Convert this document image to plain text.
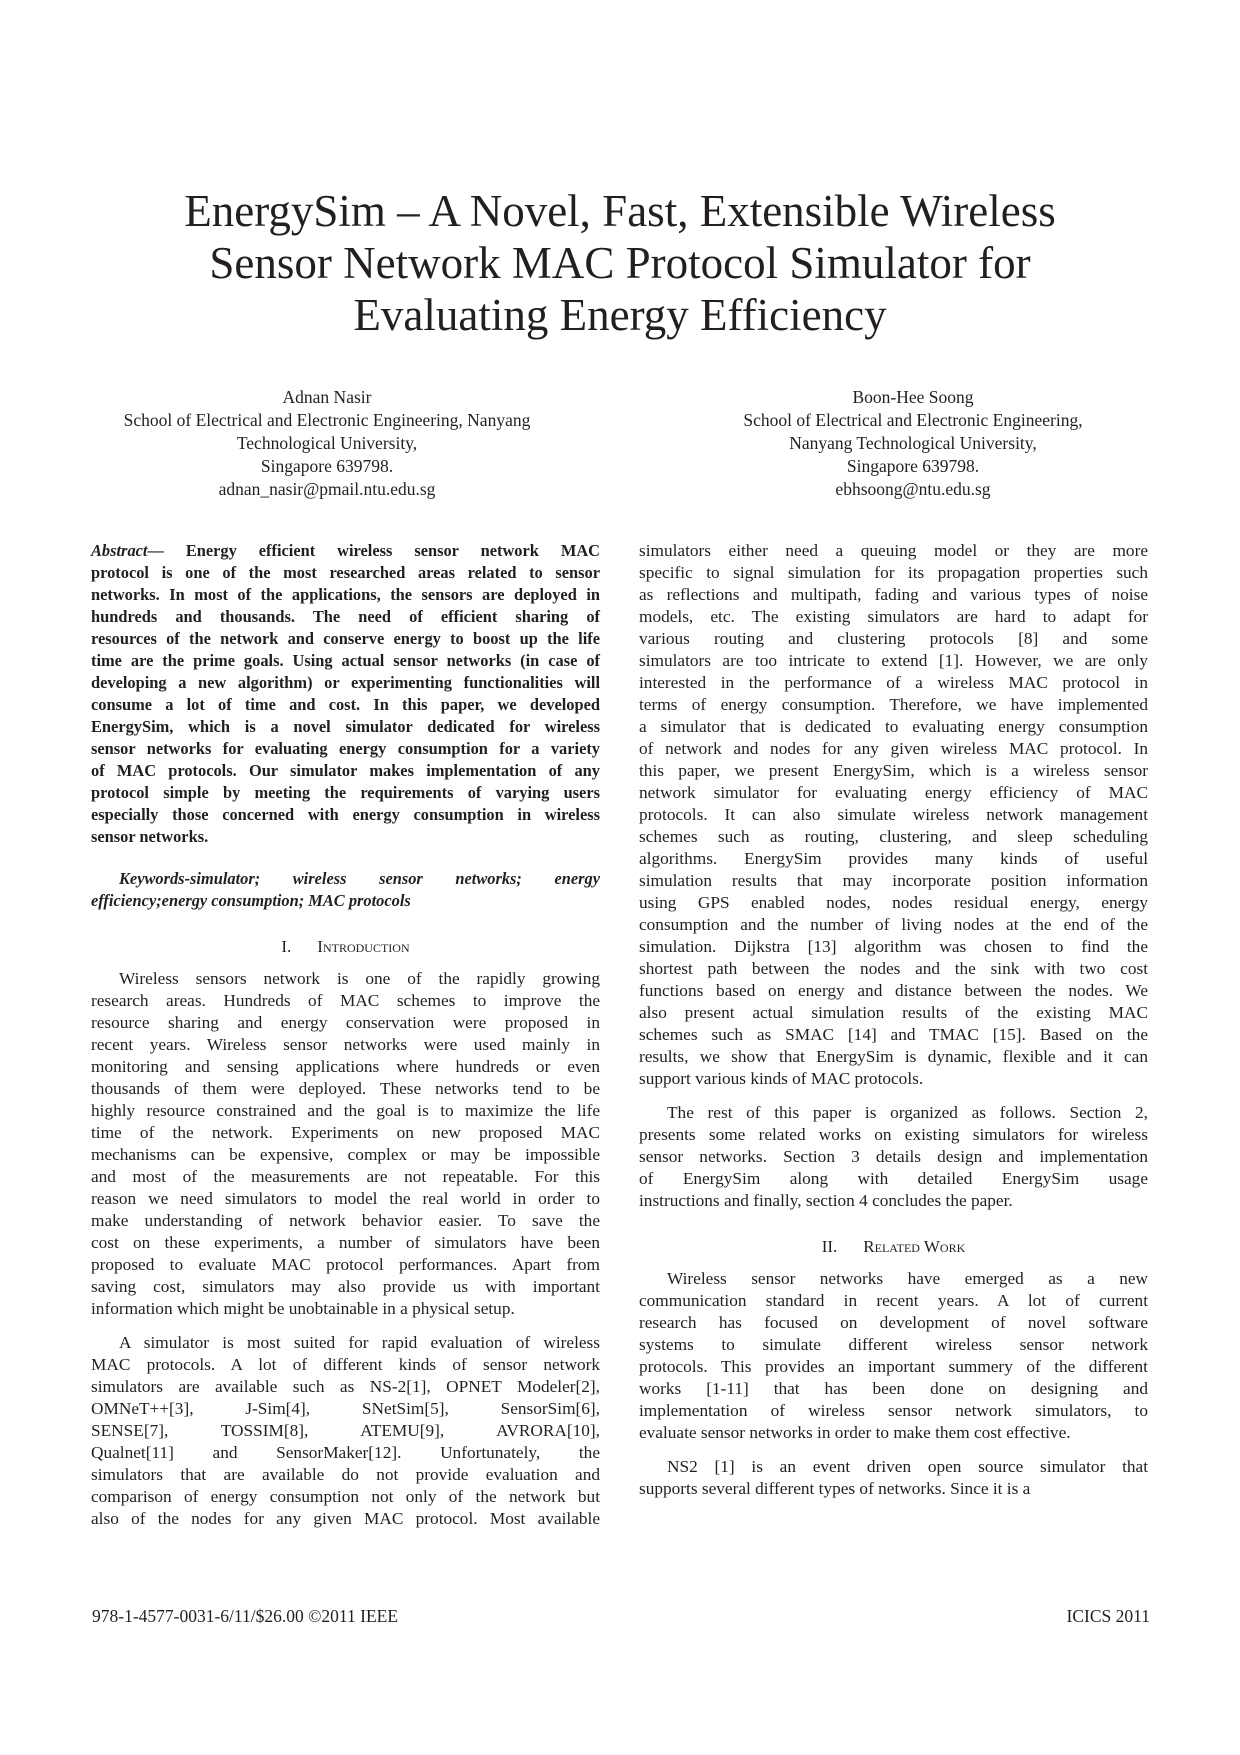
EnergySim – A Novel, Fast, Extensible Wireless
Sensor Network MAC Protocol Simulator for
Evaluating Energy Efficiency
Adnan Nasir
School of Electrical and Electronic Engineering, Nanyang
Technological University,
Singapore 639798.
adnan_nasir@pmail.ntu.edu.sg
Boon-Hee Soong
School of Electrical and Electronic Engineering,
Nanyang Technological University,
Singapore 639798.
ebhsoong@ntu.edu.sg
Abstract— Energy efficient wireless sensor network MAC
protocol is one of the most researched areas related to sensor
networks. In most of the applications, the sensors are deployed in
hundreds and thousands. The need of efficient sharing of
resources of the network and conserve energy to boost up the life
time are the prime goals. Using actual sensor networks (in case of
developing a new algorithm) or experimenting functionalities will
consume a lot of time and cost. In this paper, we developed
EnergySim, which is a novel simulator dedicated for wireless
sensor networks for evaluating energy consumption for a variety
of MAC protocols. Our simulator makes implementation of any
protocol simple by meeting the requirements of varying users
especially those concerned with energy consumption in wireless
sensor networks.
Keywords-simulator; wireless sensor networks; energy
efficiency;energy consumption; MAC protocols
I. Introduction
Wireless sensors network is one of the rapidly growing
research areas. Hundreds of MAC schemes to improve the
resource sharing and energy conservation were proposed in
recent years. Wireless sensor networks were used mainly in
monitoring and sensing applications where hundreds or even
thousands of them were deployed. These networks tend to be
highly resource constrained and the goal is to maximize the life
time of the network. Experiments on new proposed MAC
mechanisms can be expensive, complex or may be impossible
and most of the measurements are not repeatable. For this
reason we need simulators to model the real world in order to
make understanding of network behavior easier. To save the
cost on these experiments, a number of simulators have been
proposed to evaluate MAC protocol performances. Apart from
saving cost, simulators may also provide us with important
information which might be unobtainable in a physical setup.
A simulator is most suited for rapid evaluation of wireless
MAC protocols. A lot of different kinds of sensor network
simulators are available such as NS-2[1], OPNET Modeler[2],
OMNeT++[3], J-Sim[4], SNetSim[5], SensorSim[6],
SENSE[7], TOSSIM[8], ATEMU[9], AVRORA[10],
Qualnet[11] and SensorMaker[12]. Unfortunately, the
simulators that are available do not provide evaluation and
comparison of energy consumption not only of the network but
also of the nodes for any given MAC protocol. Most available
simulators either need a queuing model or they are more
specific to signal simulation for its propagation properties such
as reflections and multipath, fading and various types of noise
models, etc. The existing simulators are hard to adapt for
various routing and clustering protocols [8] and some
simulators are too intricate to extend [1]. However, we are only
interested in the performance of a wireless MAC protocol in
terms of energy consumption. Therefore, we have implemented
a simulator that is dedicated to evaluating energy consumption
of network and nodes for any given wireless MAC protocol. In
this paper, we present EnergySim, which is a wireless sensor
network simulator for evaluating energy efficiency of MAC
protocols. It can also simulate wireless network management
schemes such as routing, clustering, and sleep scheduling
algorithms. EnergySim provides many kinds of useful
simulation results that may incorporate position information
using GPS enabled nodes, nodes residual energy, energy
consumption and the number of living nodes at the end of the
simulation. Dijkstra [13] algorithm was chosen to find the
shortest path between the nodes and the sink with two cost
functions based on energy and distance between the nodes. We
also present actual simulation results of the existing MAC
schemes such as SMAC [14] and TMAC [15]. Based on the
results, we show that EnergySim is dynamic, flexible and it can
support various kinds of MAC protocols.
The rest of this paper is organized as follows. Section 2,
presents some related works on existing simulators for wireless
sensor networks. Section 3 details design and implementation
of EnergySim along with detailed EnergySim usage
instructions and finally, section 4 concludes the paper.
II. Related Work
Wireless sensor networks have emerged as a new
communication standard in recent years. A lot of current
research has focused on development of novel software
systems to simulate different wireless sensor network
protocols. This provides an important summery of the different
works [1-11] that has been done on designing and
implementation of wireless sensor network simulators, to
evaluate sensor networks in order to make them cost effective.
NS2 [1] is an event driven open source simulator that
supports several different types of networks. Since it is a
978-1-4577-0031-6/11/$26.00 ©2011 IEEE	ICICS 2011
